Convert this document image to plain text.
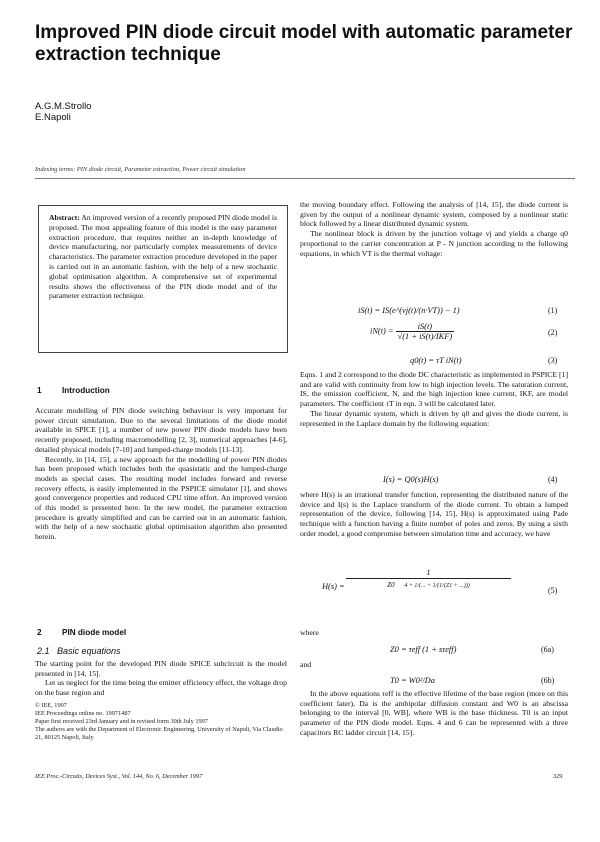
Improved PIN diode circuit model with automatic parameter extraction technique
A.G.M.Strollo
E.Napoli
Indexing terms: PIN diode circuit, Parameter extraction, Power circuit simulation
Abstract: An improved version of a recently proposed PIN diode model is proposed. The most appealing feature of this model is the easy parameter extraction procedure, that requires neither an in-depth knowledge of device manufacturing, nor particularly complex measurements of device characteristics. The parameter extraction procedure developed in the paper is carried out in an automatic fashion, with the help of a new stochastic global optimisation algorithm. A comprehensive set of experimental results shows the effectiveness of the PIN diode model and of the parameter extraction technique.
1 Introduction

Accurate modelling of PIN diode switching behaviour is very important for power circuit simulation. Due to the several limitations of the diode model available in SPICE [1], a number of new power PIN diode models have been recently proposed, including macromodelling [2, 3], numerical approaches [4-6], detailed physical models [7-10] and lumped-charge models [11-13].

Recently, in [14, 15], a new approach for the modelling of power PIN diodes has been proposed which includes both the quasistatic and the lumped-charge models as special cases. The resulting model includes forward and reverse recovery effects, is easily implemented in the PSPICE simulator [1], and shows good convergence properties and reduced CPU time effort. An improved version of this model is presented here. In the new model, the parameter extraction procedure is greatly simplified and can be carried out in an automatic fashion, with the help of a new stochastic global optimisation algorithm also presented herein.

2 PIN diode model
2.1 Basic equations

The starting point for the developed PIN diode SPICE subcircuit is the model presented in [14, 15].

Let us neglect for the time being the emitter efficiency effect, the voltage drop on the base region and

© IEE, 1997
IEE Proceedings online no. 19971487
Paper first received 23rd January and in revised form 30th July 1997
The authors are with the Department of Electronic Engineering, University of Napoli, Via Claudio 21, 80125 Napoli, Italy
IEE Proc.-Circuits, Devices Syst., Vol. 144, No. 6, December 1997

the moving boundary effect. Following the analysis of [14, 15], the diode current is given by the output of a nonlinear dynamic system, composed by a nonlinear static block followed by a linear distributed dynamic system.

The nonlinear block is driven by the junction voltage vj and yields a charge q0 proportional to the carrier concentration at P - N junction according to the following equations, in which VT is the thermal voltage:

iS(t) = IS(e^(vj(t)/(n·VT)) − 1)	(1)
$iN(t) = \frac{iS(t)}{\text{√(1 + iS(t)/IKF)}}$	(2)
q0(t) = τT iN(t)	(3)

Eqns. 1 and 2 correspond to the diode DC characteristic as implemented in PSPICE [1] and are valid with continuity from low to high injection levels. The saturation current, IS, the emission coefficient, N, and the high injection knee current, IKF, are model parameters. The coefficient τT in eqn. 3 will be calculated later.

The linear dynamic system, which is driven by q0 and gives the diode current, is represented in the Laplace domain by the following equation:

I(s) = Q0(s)H(s)	(4)

where H(s) is an irrational transfer function, representing the distributed nature of the device and I(s) is the Laplace transform of the diode current. To obtain a lumped representation of the device, following [14, 15], H(s) is approximated using Pade technique with a function having a finite number of poles and zeros. By using a sixth order model, a good compromise between simulation time and accuracy, we have

H(s) =
1
Z0 4 + 1/(... + 1/(1/(Z1 + ...)))	(5)
where
Z0 = τeff (1 + sτeff)	(6a)
and
T0 = W0²/Da	(6b)

In the above equations τeff is the effective lifetime of the base region (more on this coefficient later), Da is the ambipolar diffusion constant and W0 is an abscissa belonging to the interval [0, WB], where WB is the base thickness. T0 is an input parameter of the PIN diode model. Eqns. 4 and 6 can be represented with a three capacitors RC ladder circuit [14, 15].

329
